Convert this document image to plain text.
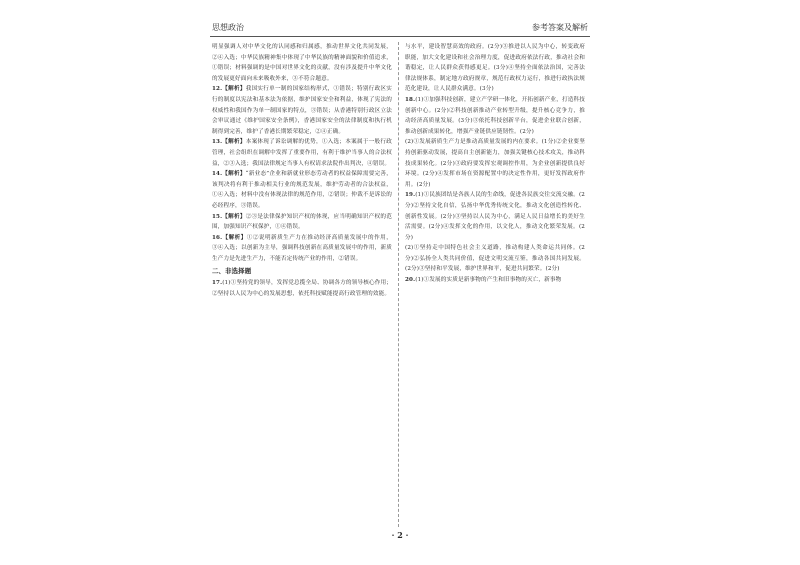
思想政治	参考答案及解析

明显强调人对中华文化的认同感和归属感，推动世界文化共同发展，②④入选；中华民族精神集中体现了中华民族的精神面貌和价值追求，①错误；材料强调的是中国对世界文化的贡献，没有涉及提升中华文化的发展更好面向未来吸收外来，③不符合题意。

12.【解析】我国实行单一制的国家结构形式，①错误；特别行政区实行的制度以宪法和基本法为依据，维护国家安全和利益，体现了宪法的权威性和我国作为单一制国家的特点，③错误；从香港特别行政区立法会审议通过《维护国家安全条例》，香港国家安全的法律制度和执行机制得到完善，维护了香港长期繁荣稳定，②④正确。

13.【解析】本案体现了诉讼调解的优势，①入选；本案属于一般行政管理，社会组织在调解中发挥了重要作用，有利于维护当事人的合法权益，②③入选；我国法律规定当事人有权请求法院作出判决，④错误。

14.【解析】“新业态”企业和新就业形态劳动者的权益保障需要完善，该判决将有利于推动相关行业的规范发展，维护劳动者的合法权益，①④入选；材料中没有体现法律的规范作用，②错误；仲裁不是诉讼的必经程序，③错误。

15.【解析】②③是法律保护知识产权的体现，应当明确知识产权的范围，加强知识产权保护，①④错误。

16.【解析】①②说明新质生产力在推动经济高质量发展中的作用，③④入选；以创新为主导，强调科技创新在高质量发展中的作用，新质生产力是先进生产力，不能否定传统产业的作用，②错误。

二、非选择题

17.(1)①坚持党的领导，发挥党总揽全局、协调各方的领导核心作用；②坚持以人民为中心的发展思想，依托科技赋能提高行政管理的效能。

与水平，建设智慧高效的政府。(2分)③推进以人民为中心，转变政府职能，加大文化建设和社会治理力度，促进政府依法行政，推动社会和谐稳定，让人民群众获得感更足。(3分)④坚持全面依法治国，完善法律法规体系，制定地方政府规章，规范行政权力运行，推进行政执法规范化建设，让人民群众满意。(3分)

18.(1)①加强科技创新，建立产学研一体化，开拓创新产业，打造科技创新中心。(2分)②科技创新推动产业转型升级，提升核心竞争力，推动经济高质量发展。(3分)③依托科技创新平台，促进企业联合创新，推动创新成果转化，增强产业链供应链韧性。(2分)

(2)①发展新质生产力是推动高质量发展的内在要求。(1分)②企业要坚持创新驱动发展，提高自主创新能力，加强关键核心技术攻关，推动科技成果转化。(2分)③政府要发挥宏观调控作用，为企业创新提供良好环境。(2分)④发挥市场在资源配置中的决定性作用，更好发挥政府作用。(2分)

19.(1)①民族团结是各族人民的生命线，促进各民族交往交流交融。(2分)②坚持文化自信，弘扬中华优秀传统文化，推动文化创造性转化、创新性发展。(2分)③坚持以人民为中心，满足人民日益增长的美好生活需要。(2分)④发挥文化的作用，以文化人，推动文化繁荣发展。(2分)

(2)①坚持走中国特色社会主义道路，推动构建人类命运共同体。(2分)②弘扬全人类共同价值，促进文明交流互鉴，推动各国共同发展。(2分)③坚持和平发展，维护世界和平，促进共同繁荣。(2分)

20.(1)①发展的实质是新事物的产生和旧事物的灭亡，新事物

· 2 ·
